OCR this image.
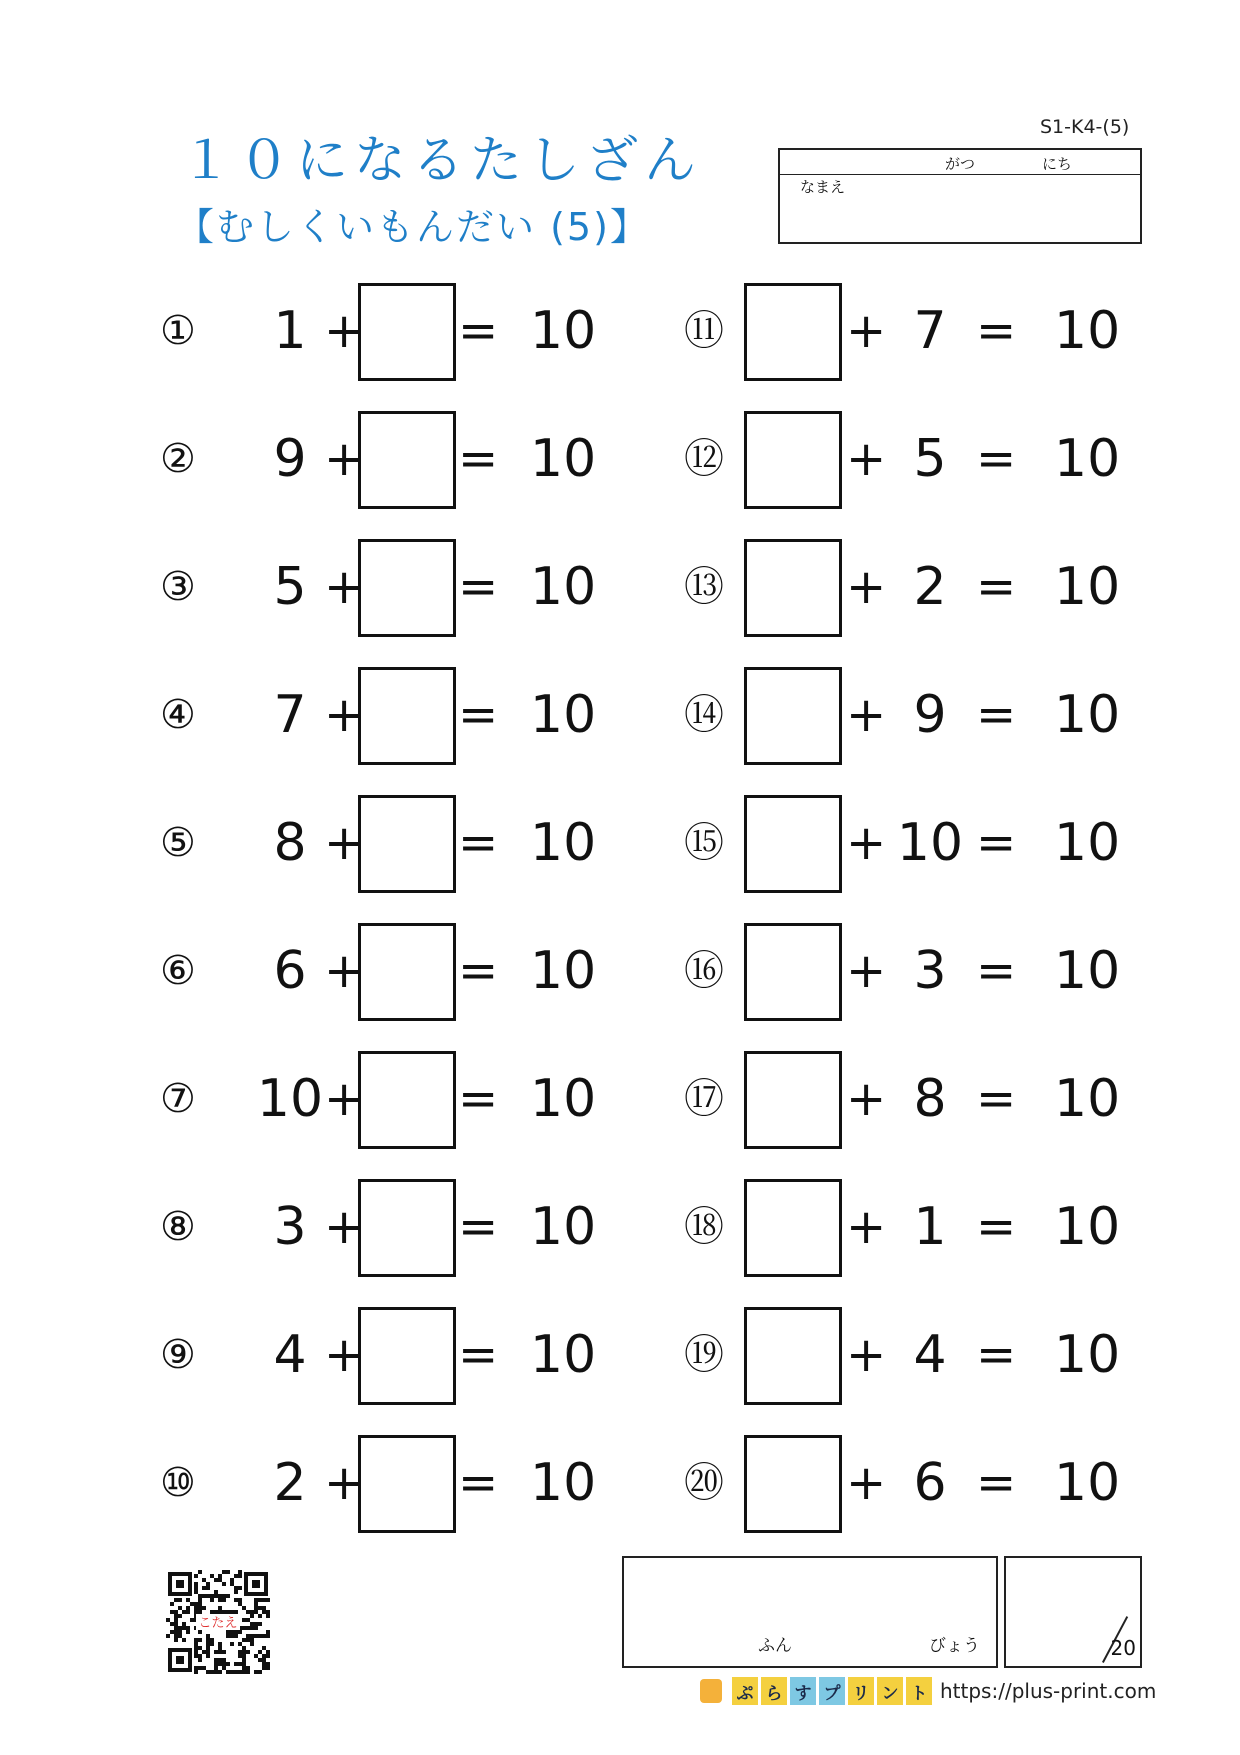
１０になるたしざん
【むしくいもんだい (5)】
S1-K4-(5)
がつ	にち
なまえ
①	1 + = 10
②	9 + = 10
③	5 + = 10
④	7 + = 10
⑤	8 + = 10
⑥	6 + = 10
⑦ 10 + = 10
⑧	3 + = 10
⑨	4 + = 10
⑩	2 + = 10
⑪	+ 7 = 10
⑫	+ 5 = 10
⑬	+ 2 = 10
⑭	+ 9 = 10
⑮	+ 10 = 10
⑯	+ 3 = 10
⑰	+ 8 = 10
⑱	+ 1 = 10
⑲	+ 4 = 10
⑳	+ 6 = 10
こたえ
ふん	びょう	20
ぷ ら す プ リ ン ト https://plus-print.com
